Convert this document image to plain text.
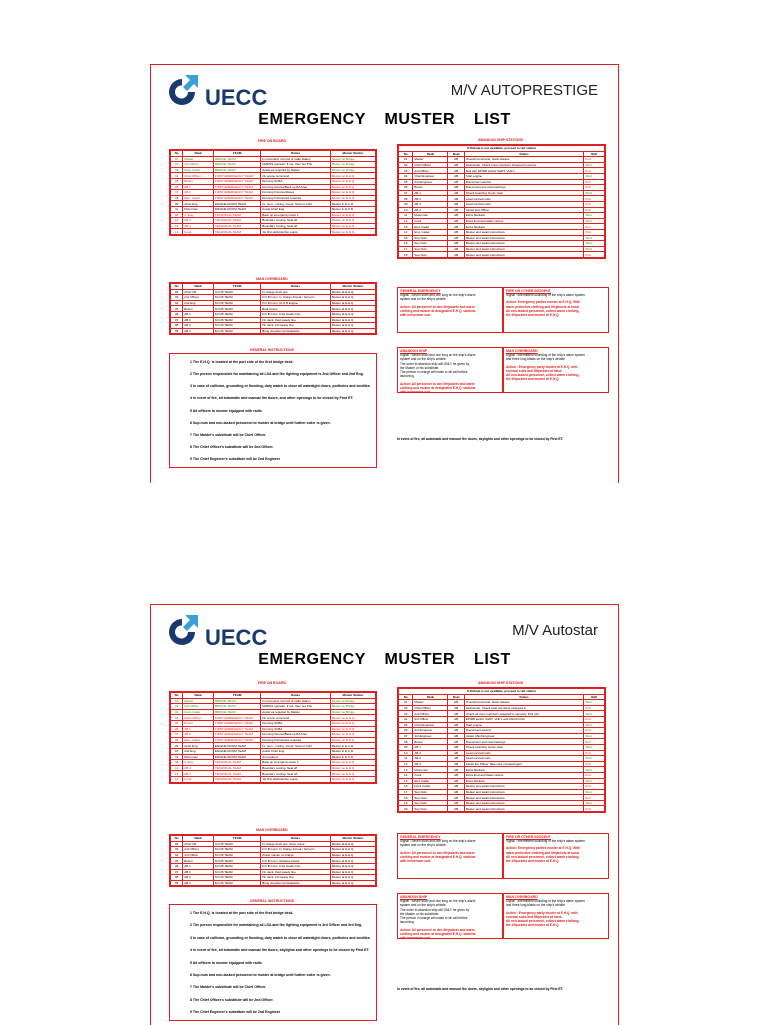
UECC	M/V AUTOPRESTIGE
EMERGENCY MUSTER LIST
FIRE ON BOARD
No	Rank	TEAM	Duties	Muster Station
01	Master	BRIDGE TEAM	In command. Control of radio station	Muster on Bridge
02	2nd Officer	BRIDGE TEAM	GMDSS operator. If not, then per Prio	Muster on Bridge
03	Deck Cadet	BRIDGE TEAM	Assist as required by Master	Muster on Bridge
04	Chief Officer	FIRST EMERGENCY TEAM	On scene command	Muster on E.H.Q.
05	Bosun	FIRST EMERGENCY TEAM	Donning SCBA	Muster on E.H.Q.
06	AB 1	FIRST EMERGENCY TEAM	Donning fixtures/Back up BA boat	Muster on E.H.Q.
07	AB 2	FIRST EMERGENCY TEAM	Donning Fixtures/Hoses	Muster on E.H.Q.
08	Elec. Cadet	FIRST EMERGENCY TEAM	Donning Fixtures/As required	Muster on E.H.Q.
09	Chief Eng.	ENGINE ROOM TEAM	I/c. Gen., mixing, Ovspr, Team I/ CO2	Muster in E.C.R.
11	Motorman	ENGINE ROOM TEAM	Assist Chief Eng.	Muster in E.C.R.
08	2. Eng.	TECHNICAL TEAM	Back up emergency team 1	Muster on E.H.Q.
12	AB 3	TECHNICAL TEAM	Boundary cooling, Seal off	Muster on E.H.Q.
13	AB 4	TECHNICAL TEAM	Boundary cooling, Seal off	Muster on E.H.Q.
14	Cook	TECHNICAL TEAM	1st first aid/stretcher equip.	Muster on E.H.Q.
ABANDON SHIP STATIONS
If lifeboat is not available, proceed to raft station				
No	Rank	Boat	Duties	Raft
01	Master	AB	Overall Command, Hook release	Port
02	Chief Officer	AB	Helmsman, Check crew members strapped in secure	Stbd
03	2nd Officer	AB	Roll call, EPIRB and/or SART, VHF's	Port
04	Chief Engineer	AB	Start engine	Stbd
05	2nd Engineer	AB	Disconnect electric	Port
06	Bosun	AB	Disconnect and stow lashings	Port
07	AB 1	AB	Check boarding hooks clear	Stbd
08	AB 2	AB	Lead survival suits	Port
09	AB 3	AB	Lead survival suits	Port
10	AB 4	AB	Assist 2nd Officer	Port
11	Motorman	AB	Extra blankets	Stbd
12	Cook	AB	Extra food and water rations	Stbd
13	Elec Cadet	AB	Extra blankets	Port
14	Eng. Cadet	AB	Muster and await instructions	Port
15	Sup.Num.	AB	Muster and await instructions	Stbd
16	Sup.Num.	AB	Muster and await instructions	Stbd
17	Sup.Num.	AB	Muster and await instructions	Stbd
18	Sup.Num.	AB	Muster and await instructions	Port
MAN OVERBOARD
No	Rank	TEAM	Duties	Muster Station
02	Chief Off.	M.O.B TEAM	In charge deck ops.	Muster at E.H.Q.
03	2nd Officer	M.O.B TEAM	F.O.B Conn. In charge & boat / helmsm	Muster at E.H.Q.
04	2nd Eng.	M.O.B TEAM	F.O.B Conn. M.O.B Engine	Muster at E.H.Q.
05	Bosun	M.O.B TEAM	Boat Crane	Muster at E.H.Q.
06	AB 1	M.O.B TEAM	F.O.B Conn. Fwd steady line	Muster at E.H.Q.
07	AB 2	M.O.B TEAM	On deck. Fwd steady line	Muster at E.H.Q.
08	AB 3	M.O.B TEAM	On deck. Aft steady line	Muster at E.H.Q.
09	AB 4	M.O.B TEAM	Bring stretcher and blankets	Muster at E.H.Q.
GENERAL INSTRUCTIONS
1 The E.H.Q. is located at the port side of the first bridge deck.
2 The person responsible for maintaining all LSA and fire fighting equipment is 2nd Officer and 2nd Eng.
3 In case of collision, grounding or flooding, duty watch to close all watertight doors, portholes and scuttles.
4 In event of fire, all automatic and manual fire doors, and other openings to be closed by First ET.
5 All officers to muster equipped with radio
6 Sup.num and non-tasked personnel to muster at bridge until further order is given.
7 The Master's substitute will be Chief Officer.
8 The Chief Officer's substitute will be 2nd Officer.
9 The Chief Engineer's substitute will be 2nd Engineer
GENERAL EMERGENCY
Signal : Seven short and one long on the ship's alarm
system and on the ship's whistle.
Action: All personnel to don lifejackets and warm
clothing and muster at designated E.H.Q. stations
with immersion suit.
FIRE OR OTHER INCIDENT
Signal : Intermittent sounding of the ship's alarm system
Action: Emergency parties muster at E.H.Q. With
warm protective clothing and lifejackets at hand.
All non-tasked personnel, collect warm clothing,
the lifejackets and muster at E.H.Q.
ABANDON SHIP
Signal : Seven short and one long on the ship's alarm
system and on the ship's whistle.
The order to abandon ship will ONLY be given by
the Master or his substitute.
The person in charge will make a roll call before
launching.
Action: All personnel to don lifejackets and warm
clothing and muster at designated E.H.Q. stations
with immersion suit.
MAN OVERBOARD
Signal : Intermittent sounding of the ship's alarm system
and three long blasts on the ship's whistle
Action : Emergency party muster at E.H.Q. with
survival suits and lifejackets at hand.
All non-tasked personnel, collect warm clothing,
the lifejackets and muster at E.H.Q.
In event of fire, all automatic and manual fire doors, skylights and other openings to be closed by First ET.
UECC	M/V Autostar
EMERGENCY MUSTER LIST
FIRE ON BOARD
No	Rank	TEAM	Duties	Muster Station
01	Master	BRIDGE TEAM	In command. Control of radio station	Muster on Bridge
02	2nd Officer	BRIDGE TEAM	GMDSS operator. If not, then per Prio	Muster on Bridge
03	Deck Cadet	BRIDGE TEAM	Assist as required by Master	Muster on Bridge
04	Chief Officer	FIRST EMERGENCY TEAM	On scene command	Muster on E.H.Q.
05	Bosun	FIRST EMERGENCY TEAM	Donning SCBA	Muster on E.H.Q.
06	AB 1	FIRST EMERGENCY TEAM	Donning SCBA	Muster on E.H.Q.
07	AB 2	FIRST EMERGENCY TEAM	Donning fixtures/Back up BA boat	Muster on E.H.Q.
08	Elec. Cadet	FIRST EMERGENCY TEAM	Donning Fixtures/As required	Muster on E.H.Q.
09	Chief Eng.	ENGINE ROOM TEAM	I/c. Gen., mixing, Ovspr, Team I/ CO2	Muster in E.C.R.
10	2nd Eng.	ENGINE ROOM TEAM	Assist Chief Eng.	Muster in E.C.R.
11	Motorman	ENGINE ROOM TEAM	As required	Muster in E.C.R.
08	2. Eng.	TECHNICAL TEAM	Back up emergency team 1	Muster on E.H.Q.
12	AB 3	TECHNICAL TEAM	Boundary cooling, Seal off	Muster on E.H.Q.
13	AB 4	TECHNICAL TEAM	Boundary cooling, Seal off	Muster on E.H.Q.
14	Cook	TECHNICAL TEAM	1st first aid/stretcher equip.	Muster on E.H.Q.
ABANDON SHIP STATIONS
If lifeboat is not available, proceed to raft station				
No	Rank	Boat	Duties	Raft
01	Master	AB	Overall Command, Hook release	Stbd
02	Chief Officer	AB	Helmsman, Check boat members strapped in	Port
03	2nd Officer	AB	Check all crew members strapped in securely. Roll call	Stbd
04	3rd Officer	AB	EPIRB and/or SART, VHF's and AGGS brick	Port
05	Chief Engineer	AB	Start engine	Stbd
06	2nd Engineer	AB	Disconnect electric	Port
07	3rd Engineer	AB	Assist Chief Engineer	Stbd
08	Bosun	AB	Disconnect and stow lashings	Port
09	AB 1	AB	Check boarding hooks clear	Stbd
10	AB 2	AB	Lead survival suits	Port
11	AB 3	AB	Lead survival suits	Stbd
12	AB 4	AB	Assist the Officer Take care of passengers	Port
13	Motorman	AB	Extra blankets	Stbd
14	Cook	AB	Extra food and water rations	Port
15	Elec Cadet	AB	Extra blankets	Stbd
16	Deck Cadet	AB	Muster and await instructions	Port
17	Sup.Num.	AB	Muster and await instructions	Stbd
18	Sup.Num.	AB	Muster and await instructions	Port
19	Sup.Num.	AB	Muster and await instructions	Stbd
20	Sup.Num.	AB	Muster and await instructions	Port
MAN OVERBOARD
No	Rank	TEAM	Duties	Muster Station
02	Chief Off.	M.O.B TEAM	In charge deck ops. Drive crane	Muster at E.H.Q.
03	2nd Officer	M.O.B TEAM	F.O.B Conn. In charge & boat / helmsm	Muster at E.H.Q.
04	3rd Officer	M.O.B TEAM	Assist master on bridge	Muster at E.H.Q.
05	Bosun	M.O.B TEAM	F.O.B Conn. Release hooks	Muster at E.H.Q.
06	AB 1	M.O.B TEAM	F.O.B Conn. Fwd steady line	Muster at E.H.Q.
07	AB 2	M.O.B TEAM	On deck. Fwd steady line	Muster at E.H.Q.
08	AB 3	M.O.B TEAM	On deck. Aft steady line	Muster at E.H.Q.
09	AB 4	M.O.B TEAM	Bring stretcher and blankets	Muster at E.H.Q.
GENERAL INSTRUCTIONS
1 The E.H.Q. is located at the port side of the first bridge deck.
2 The person responsible for maintaining all LSA and fire fighting equipment is 3rd Officer and 3rd Eng.
3 In case of collision, grounding or flooding, duty watch to close all watertight doors, portholes and scuttles.
4 In event of fire, all automatic and manual fire doors, skylights and other openings to be closed by First ET.
5 All officers to muster equipped with radio
6 Sup.num and non-tasked personnel to muster at bridge until further order is given.
7 The Master's substitute will be Chief Officer.
8 The Chief Officer's substitute will be 2nd Officer.
9 The Chief Engineer's substitute will be 2nd Engineer
GENERAL EMERGENCY
Signal : Seven short and one long on the ship's alarm
system and on the ship's whistle.
Action: All personnel to don lifejackets and warm
clothing and muster at designated E.H.Q. stations
with immersion suit.
FIRE OR OTHER INCIDENT
Signal : Intermittent sounding of the ship's alarm system
Action: Emergency parties muster at E.H.Q. With
warm protective clothing and lifejackets at hand.
All non-tasked personnel, collect warm clothing,
the lifejackets and muster at E.H.Q.
ABANDON SHIP
Signal : Seven short and one long on the ship's alarm
system and on the ship's whistle.
The order to abandon ship will ONLY be given by
the Master or his substitute.
The person in charge will make a roll call before
launching.
Action: All personnel to don lifejackets and warm
clothing and muster at designated E.H.Q. stations
with immersion suit.
MAN OVERBOARD
Signal : Intermittent sounding of the ship's alarm system
and three long blasts on the ship's whistle
Action : Emergency party muster at E.H.Q. with
survival suits and lifejackets at hand.
All non-tasked personnel, collect warm clothing,
the lifejackets and muster at E.H.Q.
In event of fire, all automatic and manual fire doors, skylights and other openings to be closed by First ET.
